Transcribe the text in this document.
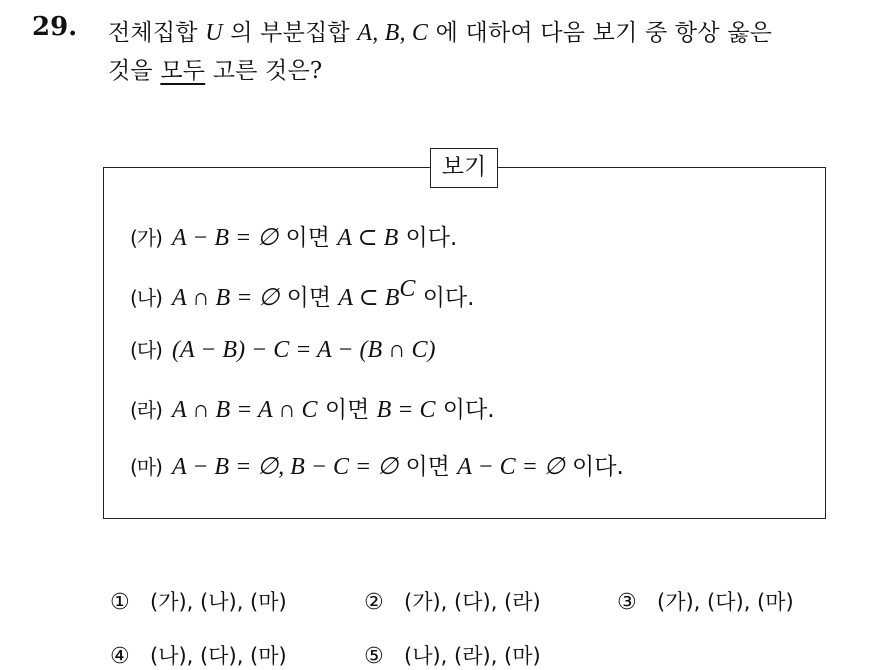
29. 전체집합 U 의 부분집합 A, B, C 에 대하여 다음 보기 중 항상 옳은
것을 모두 고른 것은?
보기
(가) A − B = ∅ 이면 A ⊂ B 이다.
(나) A ∩ B = ∅ 이면 A ⊂ $B^C$ 이다.
(다) (A − B) − C = A − (B ∩ C)
(라) A ∩ B = A ∩ C 이면 B = C 이다.
(마) A − B = ∅, B − C = ∅ 이면 A − C = ∅ 이다.
① (가), (나), (마)	② (가), (다), (라)	③ (가), (다), (마)
④ (나), (다), (마)	⑤ (나), (라), (마)
